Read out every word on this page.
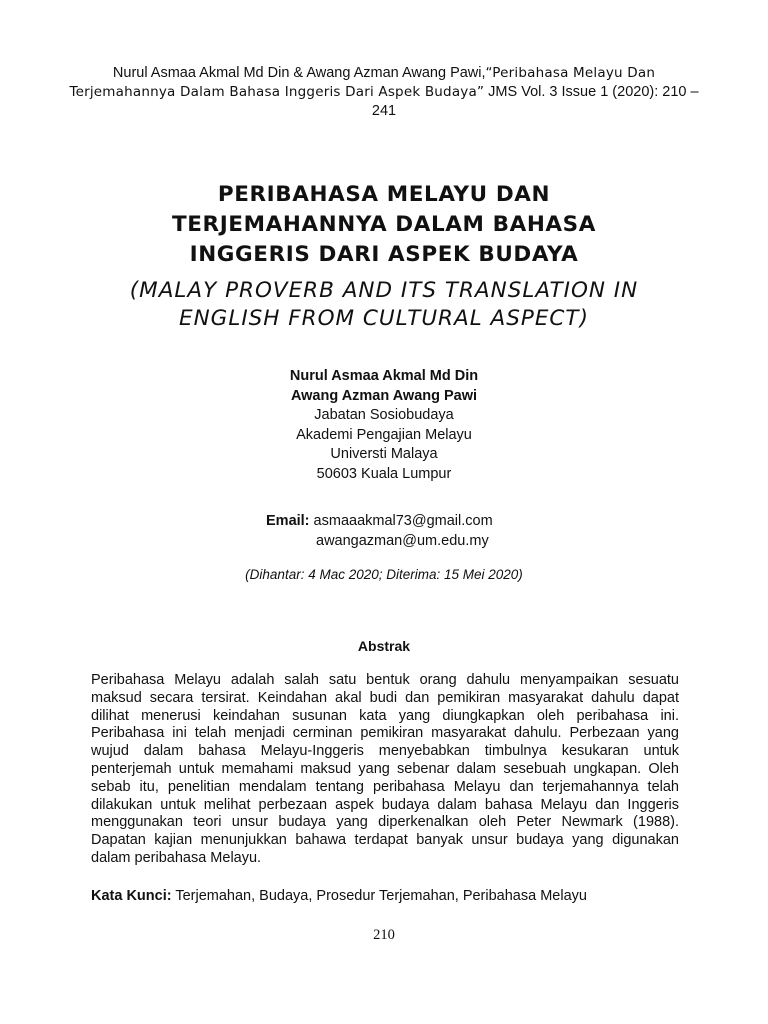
Nurul Asmaa Akmal Md Din & Awang Azman Awang Pawi,“Peribahasa Melayu Dan Terjemahannya Dalam Bahasa Inggeris Dari Aspek Budaya” JMS Vol. 3 Issue 1 (2020): 210 – 241
PERIBAHASA MELAYU DAN
TERJEMAHANNYA DALAM BAHASA
INGGERIS DARI ASPEK BUDAYA
(MALAY PROVERB AND ITS TRANSLATION IN
ENGLISH FROM CULTURAL ASPECT)
Nurul Asmaa Akmal Md Din
Awang Azman Awang Pawi
Jabatan Sosiobudaya
Akademi Pengajian Melayu
Universti Malaya
50603 Kuala Lumpur
Email: asmaaakmal73@gmail.com
awangazman@um.edu.my
(Dihantar: 4 Mac 2020; Diterima: 15 Mei 2020)
Abstrak
Peribahasa Melayu adalah salah satu bentuk orang dahulu menyampaikan sesuatu
maksud secara tersirat. Keindahan akal budi dan pemikiran masyarakat dahulu dapat
dilihat menerusi keindahan susunan kata yang diungkapkan oleh peribahasa ini.
Peribahasa ini telah menjadi cerminan pemikiran masyarakat dahulu. Perbezaan yang
wujud dalam bahasa Melayu-Inggeris menyebabkan timbulnya kesukaran untuk
penterjemah untuk memahami maksud yang sebenar dalam sesebuah ungkapan. Oleh
sebab itu, penelitian mendalam tentang peribahasa Melayu dan terjemahannya telah
dilakukan untuk melihat perbezaan aspek budaya dalam bahasa Melayu dan Inggeris
menggunakan teori unsur budaya yang diperkenalkan oleh Peter Newmark (1988).
Dapatan kajian menunjukkan bahawa terdapat banyak unsur budaya yang digunakan
dalam peribahasa Melayu.
Kata Kunci: Terjemahan, Budaya, Prosedur Terjemahan, Peribahasa Melayu
210
